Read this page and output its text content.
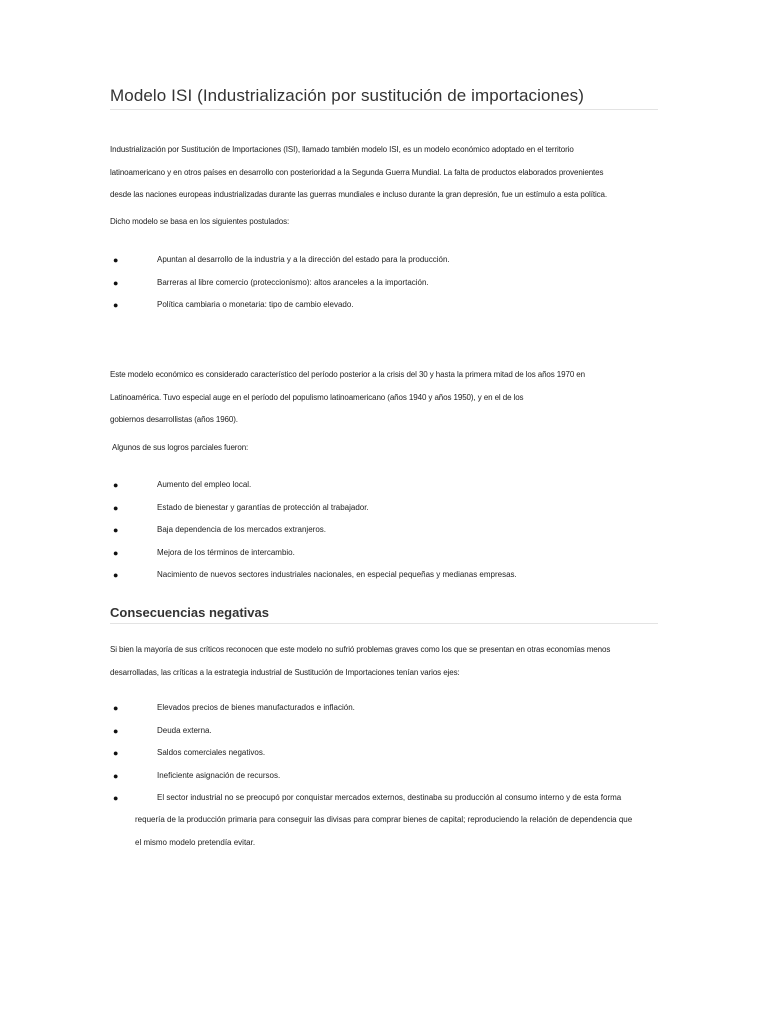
Modelo ISI (Industrialización por sustitución de importaciones)
Industrialización por Sustitución de Importaciones (ISI), llamado también modelo ISI, es un modelo económico adoptado en el territorio
latinoamericano y en otros países en desarrollo con posterioridad a la Segunda Guerra Mundial. La falta de productos elaborados provenientes
desde las naciones europeas industrializadas durante las guerras mundiales e incluso durante la gran depresión, fue un estímulo a esta política.
Dicho modelo se basa en los siguientes postulados:
●	Apuntan al desarrollo de la industria y a la dirección del estado para la producción.
●	Barreras al libre comercio (proteccionismo): altos aranceles a la importación.
●	Política cambiaria o monetaria: tipo de cambio elevado.
Este modelo económico es considerado característico del período posterior a la crisis del 30 y hasta la primera mitad de los años 1970 en
Latinoamérica. Tuvo especial auge en el período del populismo latinoamericano (años 1940 y años 1950), y en el de los
gobiernos desarrollistas (años 1960).
Algunos de sus logros parciales fueron:
●	Aumento del empleo local.
●	Estado de bienestar y garantías de protección al trabajador.
●	Baja dependencia de los mercados extranjeros.
●	Mejora de los términos de intercambio.
●	Nacimiento de nuevos sectores industriales nacionales, en especial pequeñas y medianas empresas.
Consecuencias negativas
Si bien la mayoría de sus críticos reconocen que este modelo no sufrió problemas graves como los que se presentan en otras economías menos
desarrolladas, las críticas a la estrategia industrial de Sustitución de Importaciones tenían varios ejes:
●	Elevados precios de bienes manufacturados e inflación.
●	Deuda externa.
●	Saldos comerciales negativos.
●	Ineficiente asignación de recursos.
●	El sector industrial no se preocupó por conquistar mercados externos, destinaba su producción al consumo interno y de esta forma
requería de la producción primaria para conseguir las divisas para comprar bienes de capital; reproduciendo la relación de dependencia que
el mismo modelo pretendía evitar.
